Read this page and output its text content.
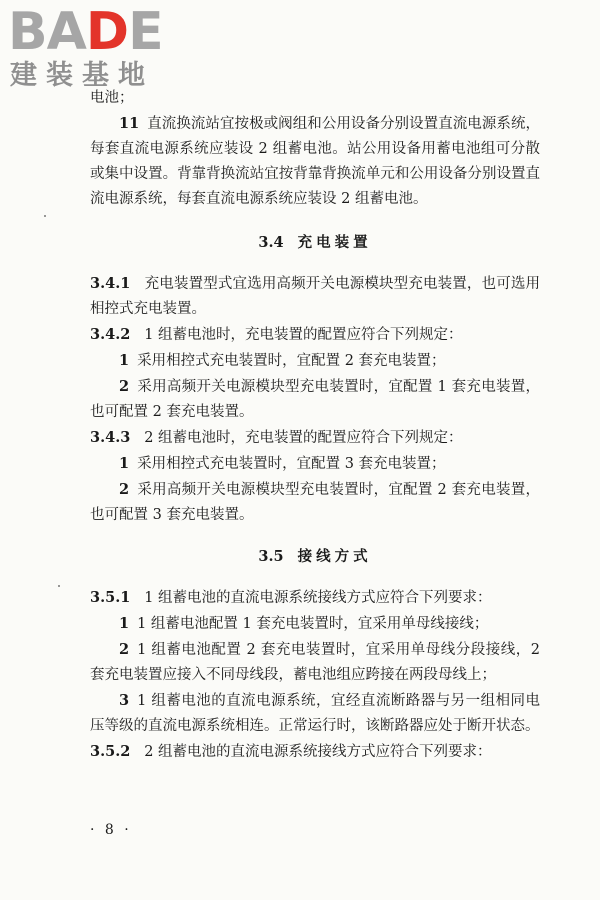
BADE
建装基地

电池；

11 直流换流站宜按极或阀组和公用设备分别设置直流电源系统，每套直流电源系统应装设 2 组蓄电池。站公用设备用蓄电池组可分散或集中设置。背靠背换流站宜按背靠背换流单元和公用设备分别设置直流电源系统，每套直流电源系统应装设 2 组蓄电池。

3.4 充电装置

3.4.1 充电装置型式宜选用高频开关电源模块型充电装置，也可选用相控式充电装置。

3.4.2 1 组蓄电池时，充电装置的配置应符合下列规定：

1 采用相控式充电装置时，宜配置 2 套充电装置；

2 采用高频开关电源模块型充电装置时，宜配置 1 套充电装置，也可配置 2 套充电装置。

3.4.3 2 组蓄电池时，充电装置的配置应符合下列规定：

1 采用相控式充电装置时，宜配置 3 套充电装置；

2 采用高频开关电源模块型充电装置时，宜配置 2 套充电装置，也可配置 3 套充电装置。

3.5 接线方式

3.5.1 1 组蓄电池的直流电源系统接线方式应符合下列要求：

1 1 组蓄电池配置 1 套充电装置时，宜采用单母线接线；

2 1 组蓄电池配置 2 套充电装置时，宜采用单母线分段接线，2 套充电装置应接入不同母线段，蓄电池组应跨接在两段母线上；

3 1 组蓄电池的直流电源系统，宜经直流断路器与另一组相同电压等级的直流电源系统相连。正常运行时，该断路器应处于断开状态。

3.5.2 2 组蓄电池的直流电源系统接线方式应符合下列要求：

· 8 ·
